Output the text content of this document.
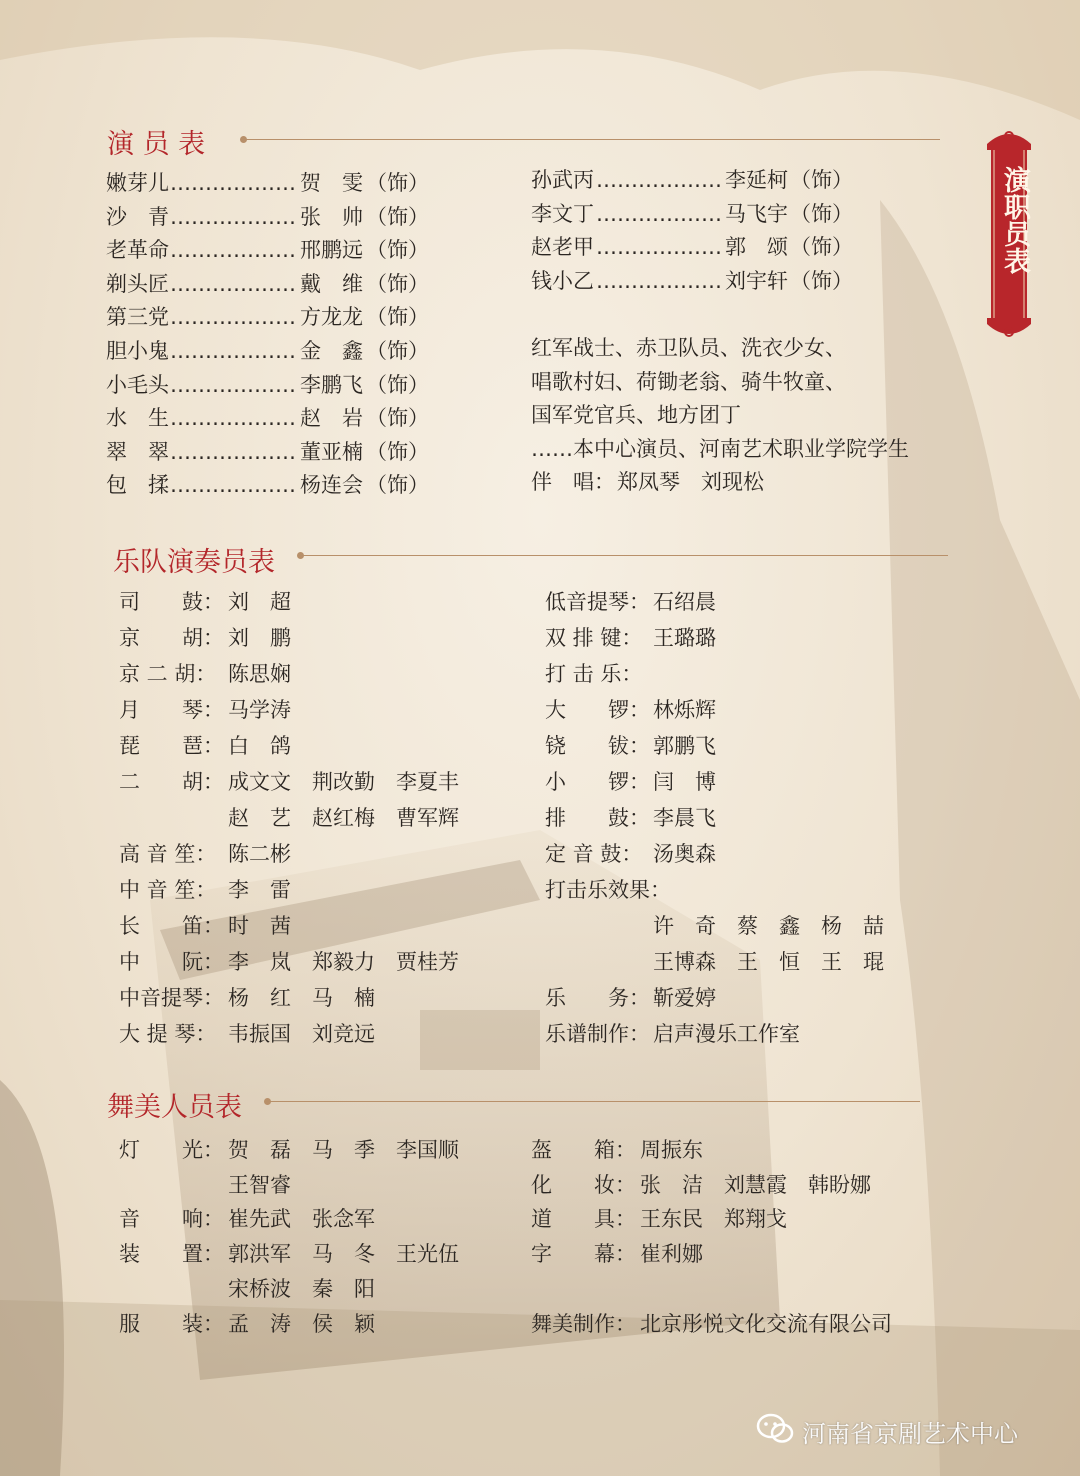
演职员表
演 员 表
嫩芽儿 ……………… 贺　雯 （饰）
沙　青 ……………… 张　帅 （饰）
老革命 ……………… 邢鹏远 （饰）
剃头匠 ……………… 戴　维 （饰）
第三党 ……………… 方龙龙 （饰）
胆小鬼 ……………… 金　鑫 （饰）
小毛头 ……………… 李鹏飞 （饰）
水　生 ……………… 赵　岩 （饰）
翠　翠 ……………… 董亚楠 （饰）
包　揉 ……………… 杨连会 （饰）
孙武丙 ……………… 李延柯 （饰）
李文丁 ……………… 马飞宇 （饰）
赵老甲 ……………… 郭　颂 （饰）
钱小乙 ……………… 刘宇轩 （饰）
红军战士、赤卫队员、洗衣少女、
唱歌村妇、荷锄老翁、骑牛牧童、
国军党官兵、地方团丁
……本中心演员、河南艺术职业学院学生
伴　唱： 郑凤琴　刘现松
乐队演奏员表
司　　鼓： 刘　超
京　　胡： 刘　鹏
京 二 胡： 陈思娴
月　　琴： 马学涛
琵　　琶： 白　鸽
二　　胡： 成文文　荆改勤　李夏丰
赵　艺　赵红梅　曹军辉
高 音 笙： 陈二彬
中 音 笙： 李　雷
长　　笛： 时　茜
中　　阮： 李　岚　郑毅力　贾桂芳
中音提琴： 杨　红　马　楠
大 提 琴： 韦振国　刘竞远
低音提琴： 石绍晨
双 排 键： 王璐璐
打 击 乐：
大　　锣： 林烁辉
铙　　钹： 郭鹏飞
小　　锣： 闫　博
排　　鼓： 李晨飞
定 音 鼓： 汤奥森
打击乐效果：
许　奇　蔡　鑫　杨　喆
王博森　王　恒　王　琨
乐　　务： 靳爱婷
乐谱制作： 启声漫乐工作室
舞美人员表
灯　　光： 贺　磊　马　季　李国顺
王智睿
音　　响： 崔先武　张念军
装　　置： 郭洪军　马　冬　王光伍
宋桥波　秦　阳
服　　装： 孟　涛　侯　颖
盔　　箱： 周振东
化　　妆： 张　洁　刘慧霞　韩盼娜
道　　具： 王东民　郑翔戈
字　　幕： 崔利娜
舞美制作： 北京彤悦文化交流有限公司
河南省京剧艺术中心
